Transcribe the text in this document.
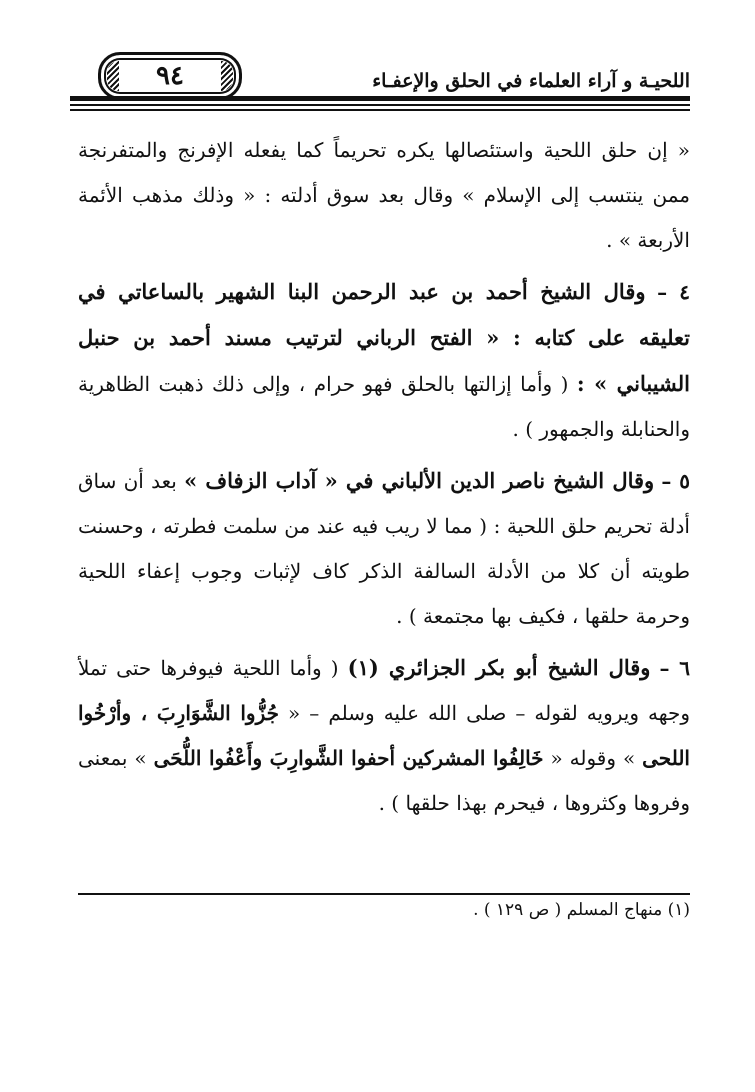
٩٤	اللحيـة و آراء العلماء في الحلق والإعفـاء

« إن حلق اللحية واستئصالها يكره تحريماً كما يفعله الإفرنج والمتفرنجة ممن ينتسب إلى الإسلام » وقال بعد سوق أدلته : « وذلك مذهب الأئمة الأربعة » .

٤ – وقال الشيخ أحمد بن عبد الرحمن البنا الشهير بالساعاتي في تعليقه على كتابه : « الفتح الرباني لترتيب مسند أحمد بن حنبل الشيباني » : ( وأما إزالتها بالحلق فهو حرام ، وإلى ذلك ذهبت الظاهرية والحنابلة والجمهور ) .

٥ – وقال الشيخ ناصر الدين الألباني في « آداب الزفاف » بعد أن ساق أدلة تحريم حلق اللحية : ( مما لا ريب فيه عند من سلمت فطرته ، وحسنت طويته أن كلا من الأدلة السالفة الذكر كاف لإثبات وجوب إعفاء اللحية وحرمة حلقها ، فكيف بها مجتمعة ) .

٦ – وقال الشيخ أبو بكر الجزائري (١) ( وأما اللحية فيوفرها حتى تملأ وجهه ويرويه لقوله – صلى الله عليه وسلم – « جُزُّوا الشَّوَارِبَ ، وأرْخُوا اللحى » وقوله « خَالِفُوا المشركين أحفوا الشَّوارِبَ وأَعْفُوا اللُّحَى » بمعنى وفروها وكثروها ، فيحرم بهذا حلقها ) .

(١) منهاج المسلم ( ص ١٢٩ ) .
